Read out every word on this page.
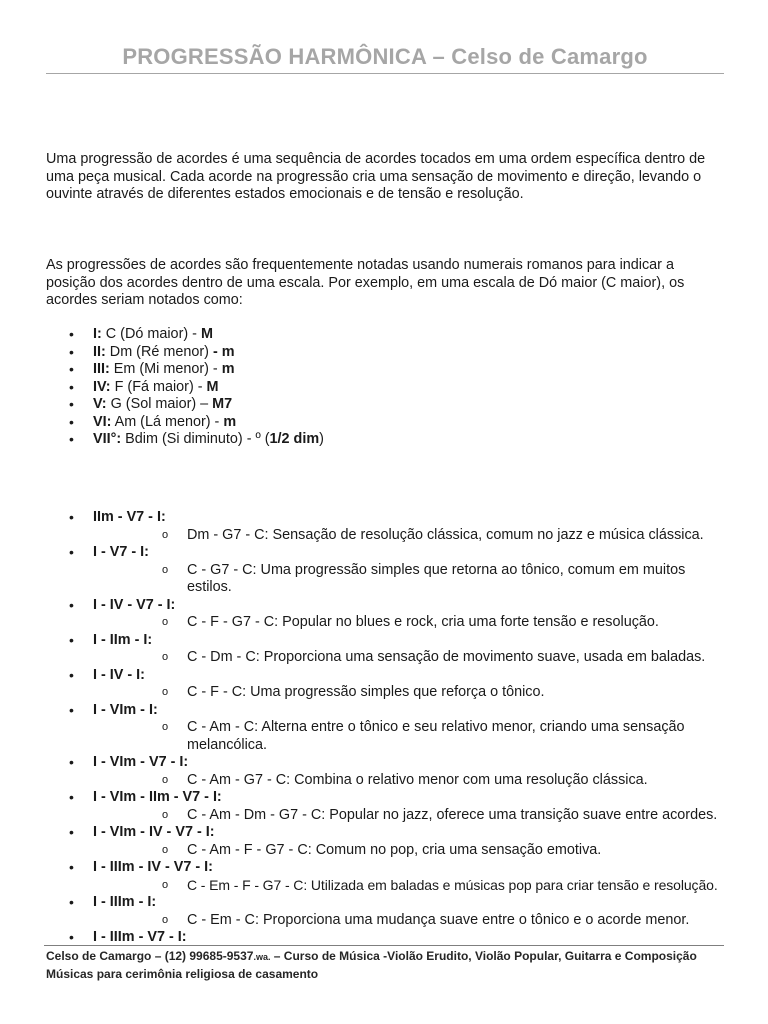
PROGRESSÃO HARMÔNICA – Celso de Camargo

Uma progressão de acordes é uma sequência de acordes tocados em uma ordem específica dentro de uma peça musical. Cada acorde na progressão cria uma sensação de movimento e direção, levando o ouvinte através de diferentes estados emocionais e de tensão e resolução.

As progressões de acordes são frequentemente notadas usando numerais romanos para indicar a posição dos acordes dentro de uma escala. Por exemplo, em uma escala de Dó maior (C maior), os acordes seriam notados como:

• I: C (Dó maior) - M
• II: Dm (Ré menor) - m
• III: Em (Mi menor) - m
• IV: F (Fá maior) - M
• V: G (Sol maior) – M7
• VI: Am (Lá menor) - m
• VII°: Bdim (Si diminuto) - º (1/2 dim)
• IIm - V7 - I:
o Dm - G7 - C: Sensação de resolução clássica, comum no jazz e música clássica.
• I - V7 - I:
o C - G7 - C: Uma progressão simples que retorna ao tônico, comum em muitos estilos.
• I - IV - V7 - I:
o C - F - G7 - C: Popular no blues e rock, cria uma forte tensão e resolução.
• I - IIm - I:
o C - Dm - C: Proporciona uma sensação de movimento suave, usada em baladas.
• I - IV - I:
o C - F - C: Uma progressão simples que reforça o tônico.
• I - VIm - I:
o C - Am - C: Alterna entre o tônico e seu relativo menor, criando uma sensação melancólica.
• I - VIm - V7 - I:
o C - Am - G7 - C: Combina o relativo menor com uma resolução clássica.
• I - VIm - IIm - V7 - I:
o C - Am - Dm - G7 - C: Popular no jazz, oferece uma transição suave entre acordes.
• I - VIm - IV - V7 - I:
o C - Am - F - G7 - C: Comum no pop, cria uma sensação emotiva.
• I - IIIm - IV - V7 - I:
o C - Em - F - G7 - C: Utilizada em baladas e músicas pop para criar tensão e resolução.
• I - IIIm - I:
o C - Em - C: Proporciona uma mudança suave entre o tônico e o acorde menor.
• I - IIIm - V7 - I:
Celso de Camargo – (12) 99685-9537.wa. – Curso de Música -Violão Erudito, Violão Popular, Guitarra e Composição
Músicas para cerimônia religiosa de casamento
